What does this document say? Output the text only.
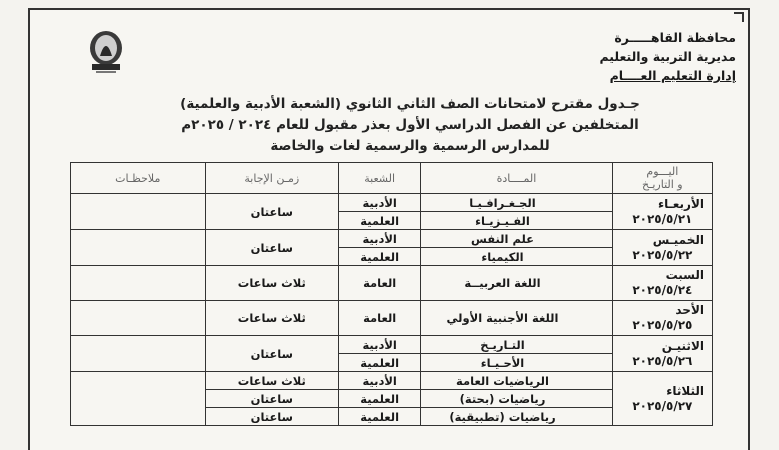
محافظة القاهـــــرة
مديرية التربية والتعليم
إدارة التعليم العــــام
جـدول مقترح لامتحانات الصف الثاني الثانوي (الشعبة الأدبية والعلمية)
المتخلفين عن الفصل الدراسي الأول بعذر مقبول للعام ٢٠٢٤ / ٢٠٢٥م
للمدارس الرسمية والرسمية لغات والخاصة
اليـــوم
و التاريـخ	المــــادة	الشعبة	زمـن الإجابة	ملاحظـات

الأربعـاء
٢٠٢٥/٥/٢١	الجـغـرافـيـا	الأدبية	ساعتان	
	الفـيـزيـاء	العلمية		

الخميـس
٢٠٢٥/٥/٢٢	علم النفس	الأدبية	ساعتان	
	الكيمياء	العلمية		

السبت
٢٠٢٥/٥/٢٤	اللغة العربيــة	العامة	ثلاث ساعات	

الأحد
٢٠٢٥/٥/٢٥	اللغة الأجنبية الأولي	العامة	ثلاث ساعات	

الاثنيـن
٢٠٢٥/٥/٢٦	التـاريـخ	الأدبية	ساعتان	
	الأحـيـاء	العلمية		

الثلاثاء
٢٠٢٥/٥/٢٧	الرياضيات العامة	الأدبية	ثلاث ساعات	
	رياضيات (بحتة)	العلمية	ساعتان	
	رياضيات (تطبيقية)	العلمية	ساعتان	
